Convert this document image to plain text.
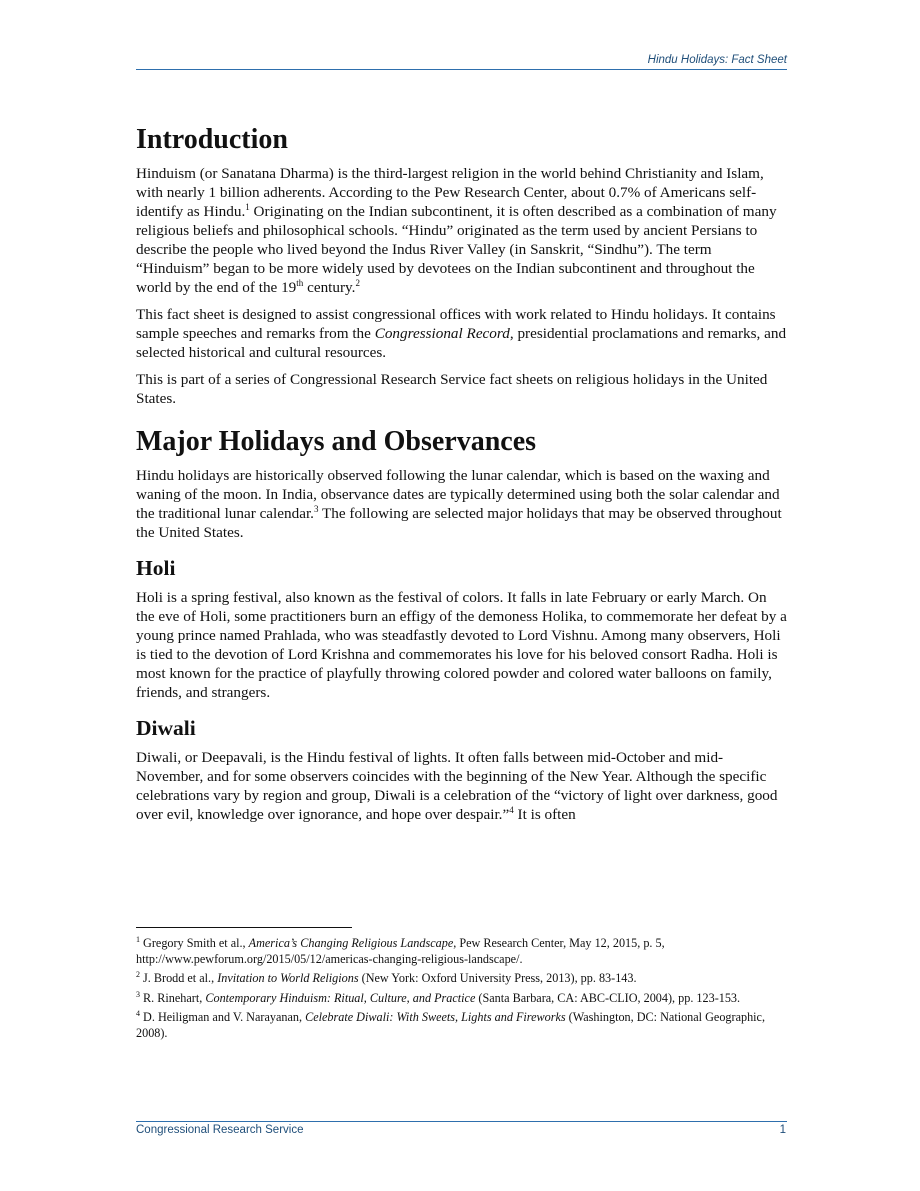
Hindu Holidays: Fact Sheet
Introduction

Hinduism (or Sanatana Dharma) is the third-largest religion in the world behind Christianity and Islam, with nearly 1 billion adherents. According to the Pew Research Center, about 0.7% of Americans self-identify as Hindu.$^1$ Originating on the Indian subcontinent, it is often described as a combination of many religious beliefs and philosophical schools. “Hindu” originated as the term used by ancient Persians to describe the people who lived beyond the Indus River Valley (in Sanskrit, “Sindhu”). The term “Hinduism” began to be more widely used by devotees on the Indian subcontinent and throughout the world by the end of the 19th century.$^2$

This fact sheet is designed to assist congressional offices with work related to Hindu holidays. It contains sample speeches and remarks from the Congressional Record, presidential proclamations and remarks, and selected historical and cultural resources.

This is part of a series of Congressional Research Service fact sheets on religious holidays in the United States.

Major Holidays and Observances

Hindu holidays are historically observed following the lunar calendar, which is based on the waxing and waning of the moon. In India, observance dates are typically determined using both the solar calendar and the traditional lunar calendar.$^3$ The following are selected major holidays that may be observed throughout the United States.

Holi

Holi is a spring festival, also known as the festival of colors. It falls in late February or early March. On the eve of Holi, some practitioners burn an effigy of the demoness Holika, to commemorate her defeat by a young prince named Prahlada, who was steadfastly devoted to Lord Vishnu. Among many observers, Holi is tied to the devotion of Lord Krishna and commemorates his love for his beloved consort Radha. Holi is most known for the practice of playfully throwing colored powder and colored water balloons on family, friends, and strangers.

Diwali

Diwali, or Deepavali, is the Hindu festival of lights. It often falls between mid-October and mid-November, and for some observers coincides with the beginning of the New Year. Although the specific celebrations vary by region and group, Diwali is a celebration of the “victory of light over darkness, good over evil, knowledge over ignorance, and hope over despair.”$^4$ It is often

$^1$ Gregory Smith et al., America’s Changing Religious Landscape, Pew Research Center, May 12, 2015, p. 5, http://www.pewforum.org/2015/05/12/americas-changing-religious-landscape/.

$^2$ J. Brodd et al., Invitation to World Religions (New York: Oxford University Press, 2013), pp. 83-143.

$^3$ R. Rinehart, Contemporary Hinduism: Ritual, Culture, and Practice (Santa Barbara, CA: ABC-CLIO, 2004), pp. 123-153.

$^4$ D. Heiligman and V. Narayanan, Celebrate Diwali: With Sweets, Lights and Fireworks (Washington, DC: National Geographic, 2008).

Congressional Research Service	1
